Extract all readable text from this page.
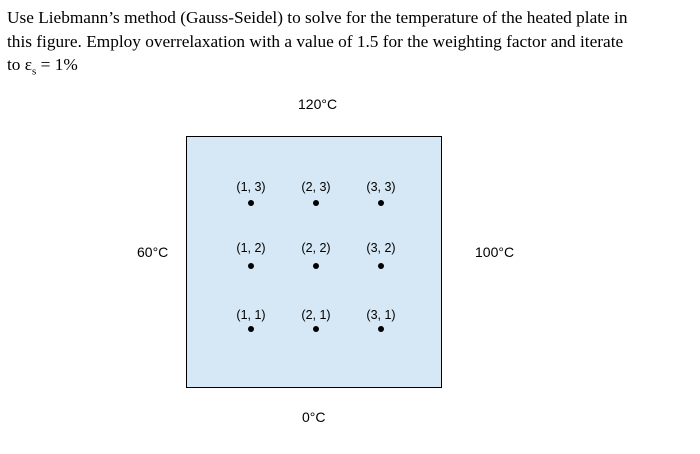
Use Liebmann’s method (Gauss-Seidel) to solve for the temperature of the heated plate in
this figure. Employ overrelaxation with a value of 1.5 for the weighting factor and iterate
to $\varepsilon_s = 1\%$
120°C
60°C	100°C
0°C
(1, 3)	(2, 3)	(3, 3)
(1, 2)	(2, 2)	(3, 2)
(1, 1)	(2, 1)	(3, 1)
